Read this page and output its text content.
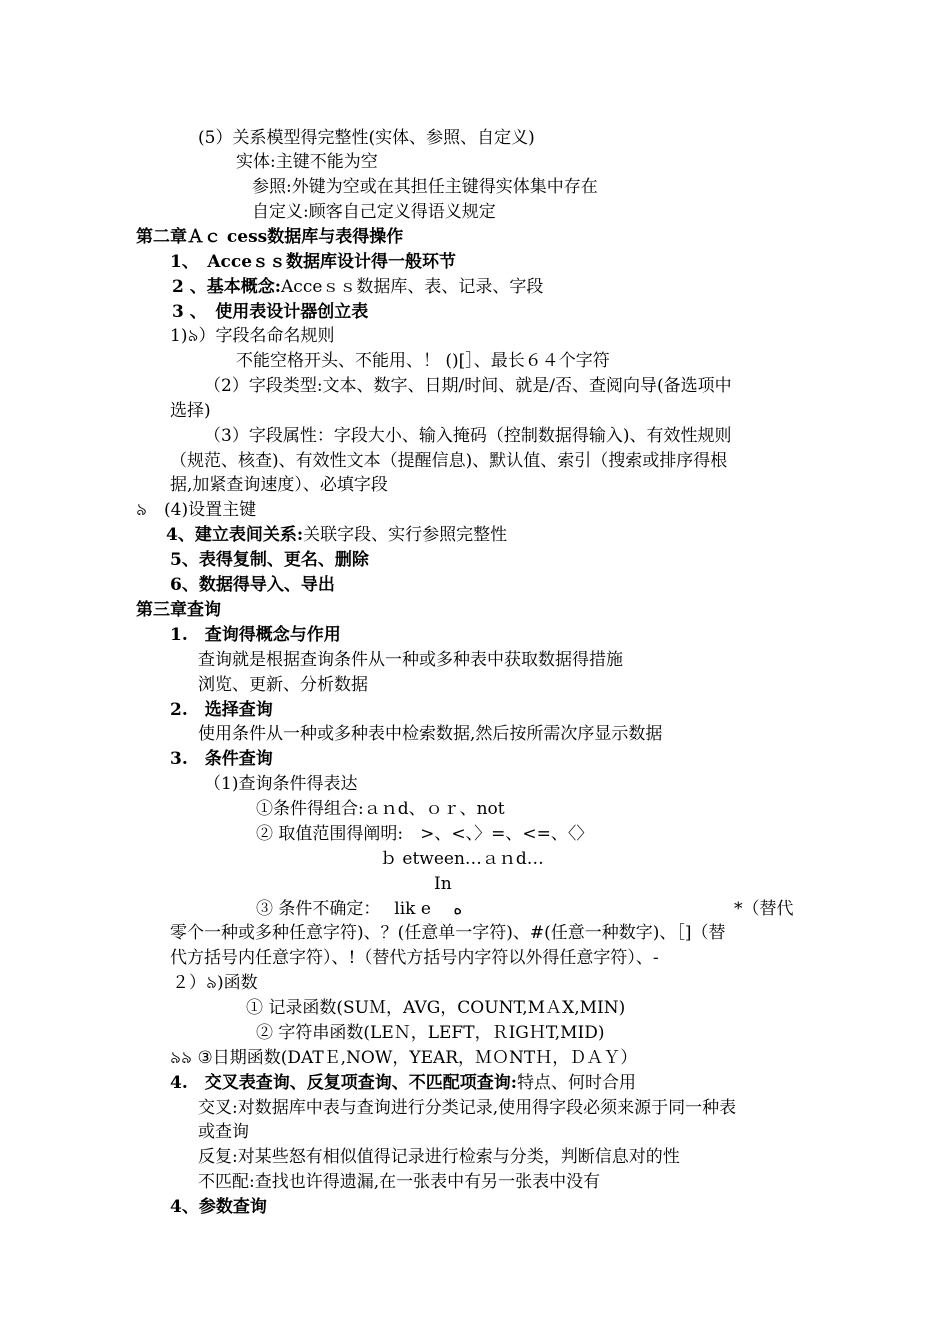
(5）关系模型得完整性(实体、参照、自定义)
实体:主键不能为空
参照:外键为空或在其担任主键得实体集中存在
自定义:顾客自己定义得语义规定
第二章Ａｃ cess数据库与表得操作
1、　Acceｓｓ数据库设计得一般环节
2 、基本概念:Acceｓｓ数据库、表、记录、字段
3 、　使用表设计器创立表
1)৯）字段名命名规则
不能空格开头、不能用、！ ()[］、最长６４个字符
（2）字段类型:文本、数字、日期/时间、就是/否、查阅向导(备选项中
选择)
（3）字段属性：字段大小、输入掩码（控制数据得输入)、有效性规则
（规范、核查)、有效性文本（提醒信息)、默认值、索引（搜索或排序得根
据,加紧查询速度）、必填字段
৯　(4)设置主键
4、建立表间关系:关联字段、实行参照完整性
5、表得复制、更名、删除
6、数据得导入、导出
第三章查询
1.　查询得概念与作用
查询就是根据查询条件从一种或多种表中获取数据得措施
浏览、更新、分析数据
2.　选择查询
使用条件从一种或多种表中检索数据,然后按所需次序显示数据
3.　条件查询
（1)查询条件得表达
①条件得组合:ａｎd、ｏｒ、not
② 取值范围得阐明:　>、<、〉=、<=、〈〉
ｂ etween…ａｎd…
In
③ 条件不确定：　 lik e　 ه	*（替代
零个一种或多种任意字符)、？(任意单一字符)、#(任意一种数字)、［]（替
代方括号内任意字符）、!（替代方括号内字符以外得任意字符）、-
２）৯)函数
① 记录函数(SUＭ，AVG，COUNT,MＡX,MIN)
② 字符串函数(LEＮ，LEFT，ＲIGＨT,MID)
৯৯ ③日期函数(DATＥ,NOW，YEAR，ＭＯNTＨ，ＤＡＹ）
4.　交叉表查询、反复项查询、不匹配项查询:特点、何时合用
交叉:对数据库中表与查询进行分类记录,使用得字段必须来源于同一种表
或查询
反复:对某些怒有相似值得记录进行检索与分类，判断信息对的性
不匹配:查找也许得遗漏,在一张表中有另一张表中没有
4、参数查询
